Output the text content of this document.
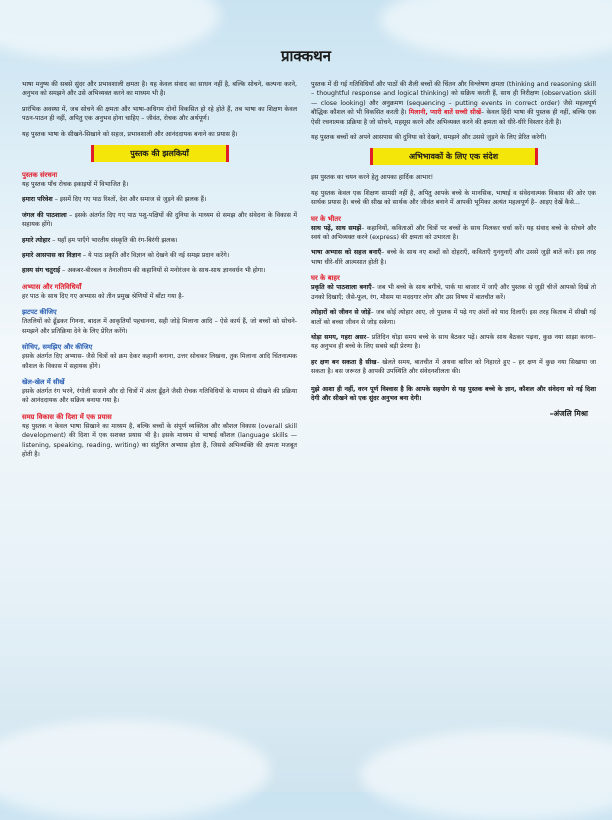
प्राक्कथन

भाषा मनुष्य की सबसे सुंदर और प्रभावशाली क्षमता है। यह केवल संवाद का साधन नहीं है, बल्कि सोचने, कल्पना करने, अनुभव को समझने और उसे अभिव्यक्त करने का माध्यम भी है।

प्रारंभिक अवस्था में, जब सोचने की क्षमता और भाषा-अधिगम दोनों विकसित हो रहे होते हैं, तब भाषा का शिक्षण केवल पठन-पाठन ही नहीं, अपितु एक अनुभव होना चाहिए – जीवंत, रोचक और अर्थपूर्ण।

यह पुस्तक भाषा के सीखने-सिखाने को सहज, प्रभावशाली और आनंददायक बनाने का प्रयास है।

पुस्तक की झलकियाँ
पुस्तक संरचना

यह पुस्तक पाँच रोचक इकाइयों में विभाजित है।

हमारा परिवेश – इसमें दिए गए पाठ रिश्तों, देश और समाज से जुड़ने की झलक हैं।

जंगल की पाठशाला – इसके अंतर्गत दिए गए पाठ पशु-पक्षियों की दुनिया के माध्यम से समझ और संवेदना के विकास में सहायक होंगे।

हमारे त्योहार – यहाँ हम पाएँगे भारतीय संस्कृति की रंग-बिरंगी झलक।

हमारे आसपास का विज्ञान – ये पाठ प्रकृति और विज्ञान को देखने की नई समझ प्रदान करेंगे।

हास्य संग चतुराई – अकबर-बीरबल व तेनालीराम की कहानियों से मनोरंजन के साथ-साथ ज्ञानवर्धन भी होगा।

अभ्यास और गतिविधियाँ

हर पाठ के साथ दिए गए अभ्यास को तीन प्रमुख श्रेणियों में बाँटा गया है-

झटपट कीजिए

तितलियों को ढूँढकर गिनना, बादल में आकृतियाँ पहचानना, सही जोड़े मिलाना आदि – ऐसे कार्य हैं, जो बच्चों को सोचने-समझने और प्रतिक्रिया देने के लिए प्रेरित करेंगे।

सोचिए, समझिए और कीजिए

इसके अंतर्गत दिए अभ्यास- जैसे चित्रों को क्रम देकर कहानी बनाना, उत्तर सोचकर लिखना, तुक मिलाना आदि चिंतनात्मक कौशल के विकास में सहायक होंगे।

खेल-खेल में सीखें

इसके अंतर्गत रंग भरने, रंगोली सजाने और दो चित्रों में अंतर ढूँढ़ने जैसी रोचक गतिविधियों के माध्यम से सीखने की प्रक्रिया को आनंददायक और सक्रिय बनाया गया है।

समग्र विकास की दिशा में एक प्रयास

यह पुस्तक न केवल भाषा सिखाने का माध्यम है, बल्कि बच्चों के संपूर्ण व्यक्तित्व और कौशल विकास (overall skill development) की दिशा में एक सशक्त प्रयास भी है। इसके माध्यम से भाषाई कौशल (language skills — listening, speaking, reading, writing) का संतुलित अभ्यास होता है, जिससे अभिव्यक्ति की क्षमता मजबूत होती है।

पुस्तक में दी गई गतिविधियाँ और पाठों की शैली बच्चों की चिंतन और विश्लेषण क्षमता (thinking and reasoning skill – thoughtful response and logical thinking) को सक्रिय करती हैं, साथ ही निरीक्षण (observation skill — close looking) और अनुक्रमण (sequencing – putting events in correct order) जैसे महत्वपूर्ण बौद्धिक कौशल को भी विकसित करती है। मिलानी, प्यारी बातें सच्ची सीखें– केवल हिंदी भाषा की पुस्तक ही नहीं, बल्कि एक ऐसी रचनात्मक प्रक्रिया है जो सोचने, महसूस करने और अभिव्यक्त करने की क्षमता को धीरे-धीरे विस्तार देती है।

यह पुस्तक बच्चों को अपने आसपास की दुनिया को देखने, समझने और उससे जुड़ने के लिए प्रेरित करेगी।

अभिभावकों के लिए एक संदेश

इस पुस्तक का चयन करने हेतु आपका हार्दिक आभार!

यह पुस्तक केवल एक शिक्षण सामग्री नहीं है, अपितु आपके बच्चे के मानसिक, भाषाई व संवेदनात्मक विकास की ओर एक सार्थक प्रयास है। बच्चे की सीख को सार्थक और जीवंत बनाने में आपकी भूमिका अत्यंत महत्वपूर्ण है– आइए देखें कैसे...

घर के भीतर

साथ पढ़ें, साथ समझें– कहानियों, कविताओं और चित्रों पर बच्चों के साथ मिलकर चर्चा करें। यह संवाद बच्चे के सोचने और स्वयं को अभिव्यक्त करने (express) की क्षमता को उभारता है।

भाषा अभ्यास को सहज बनाएँ– बच्चे के साथ नए शब्दों को दोहराएँ, कविताएँ गुनगुनाएँ और उससे जुड़ी बातें करें। इस तरह भाषा धीरे-धीरे आत्मसात होती है।

घर के बाहर

प्रकृति को पाठशाला बनाएँ– जब भी बच्चे के साथ बगीचे, पार्क या बाजार में जाएँ और पुस्तक से जुड़ी चीजें आपको दिखें तो उनको दिखाएँ; जैसे-फूल, रंग, मौसम या मददगार लोग और उस विषय में बातचीत करें।

त्योहारों को जीवन से जोड़ें– जब कोई त्योहार आए, तो पुस्तक में पढ़े गए अंशों को याद दिलाएँ। इस तरह किताब में सीखी गई बातों को बच्चा जीवन से जोड़ सकेगा।

थोड़ा समय, गहरा असर– प्रतिदिन थोड़ा समय बच्चे के साथ बैठकर पढ़ें। आपके साथ बैठकर पढ़ना, कुछ नया साझा करना– यह अनुभव ही बच्चे के लिए सबसे बड़ी प्रेरणा है।

हर क्षण बन सकता है सीख– खेलते समय, बातचीत में अथवा बारिश को निहारते हुए – हर क्षण में कुछ नया सिखाया जा सकता है। बस जरूरत है आपकी उपस्थिति और संवेदनशीलता की।

मुझे आशा ही नहीं, वरन पूर्ण विश्वास है कि आपके सहयोग से यह पुस्तक बच्चे के ज्ञान, कौशल और संवेदना को नई दिशा देगी और सीखने को एक सुंदर अनुभव बना देगी।

–अंजलि मिश्रा
